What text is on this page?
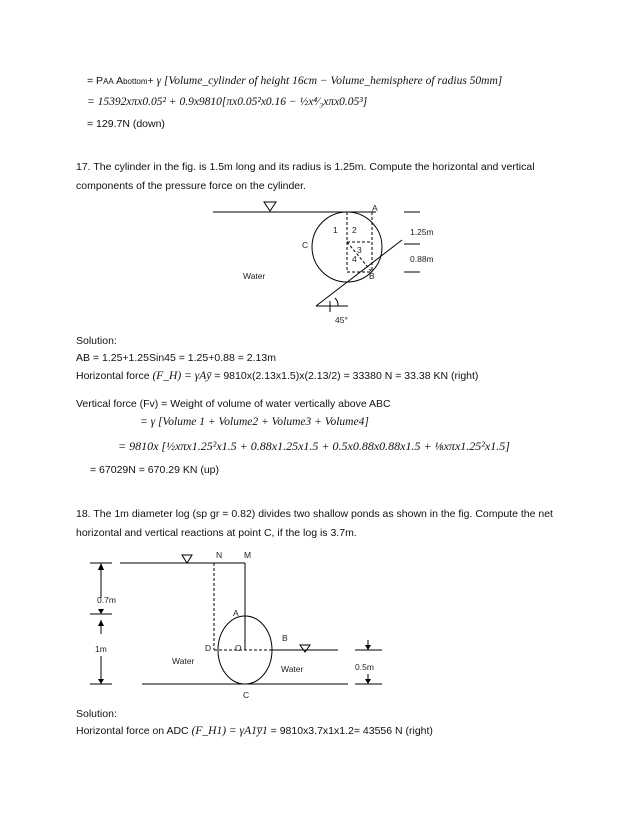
= PAA Abottom+ γ [Volume_cylinder of height 16cm − Volume_hemisphere of radius 50mm]
= 15392xπx0.05² + 0.9x9810[πx0.05²x0.16 − ½x⁴⁄₃xπx0.05³]
= 129.7N (down)
17. The cylinder in the fig. is 1.5m long and its radius is 1.25m. Compute the horizontal and vertical
components of the pressure force on the cylinder.
A
1 2
3
4
C
B
Water
1.25m
0.88m
45°
N	M
A
B
D	O
C
0.7m
1m
0.5m
Water
Water
Solution:
AB = 1.25+1.25Sin45 = 1.25+0.88 = 2.13m
Horizontal force (F_H) = γAȳ = 9810x(2.13x1.5)x(2.13/2) = 33380 N = 33.38 KN (right)
Vertical force (Fv) = Weight of volume of water vertically above ABC
= γ [Volume 1 + Volume2 + Volume3 + Volume4]
= 9810x [½xπx1.25²x1.5 + 0.88x1.25x1.5 + 0.5x0.88x0.88x1.5 + ⅛xπx1.25²x1.5]
= 67029N = 670.29 KN (up)
18. The 1m diameter log (sp gr = 0.82) divides two shallow ponds as shown in the fig. Compute the net
horizontal and vertical reactions at point C, if the log is 3.7m.
Solution:
Horizontal force on ADC (F_H1) = γA1y̅1 = 9810x3.7x1x1.2= 43556 N (right)
